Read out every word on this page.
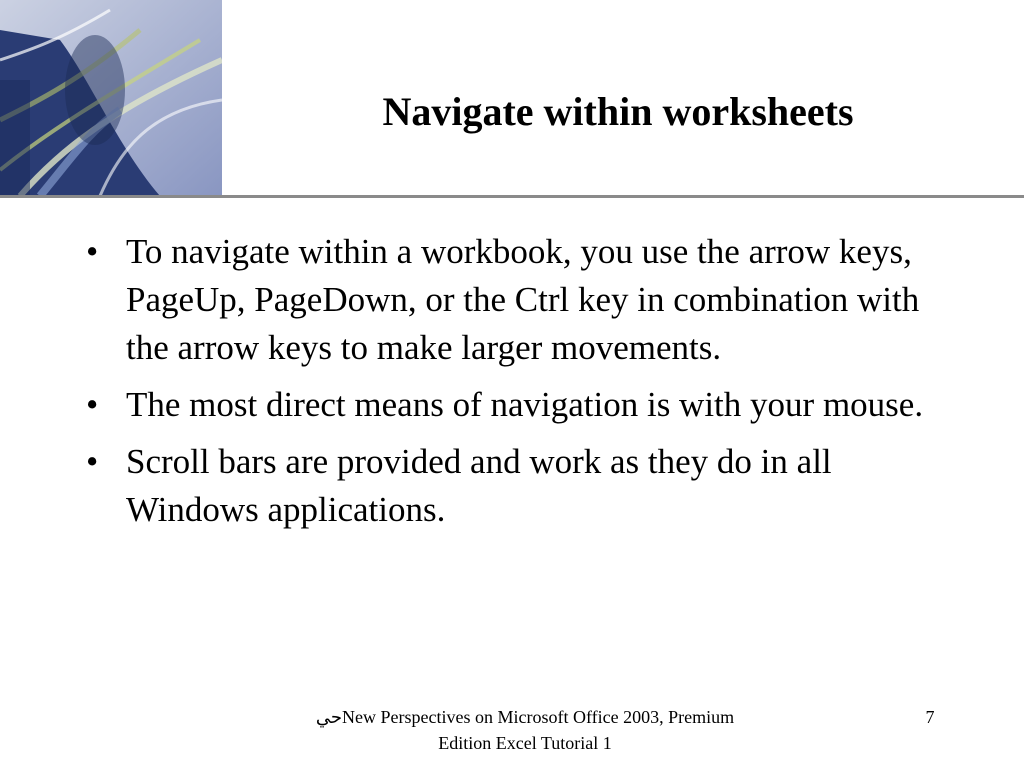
Navigate within worksheets
• To navigate within a workbook, you use the arrow keys, PageUp, PageDown, or the Ctrl key in combination with the arrow keys to make larger movements.
• The most direct means of navigation is with your mouse.
• Scroll bars are provided and work as they do in all Windows applications.
حيNew Perspectives on Microsoft Office 2003, Premium
Edition Excel Tutorial 1
7
